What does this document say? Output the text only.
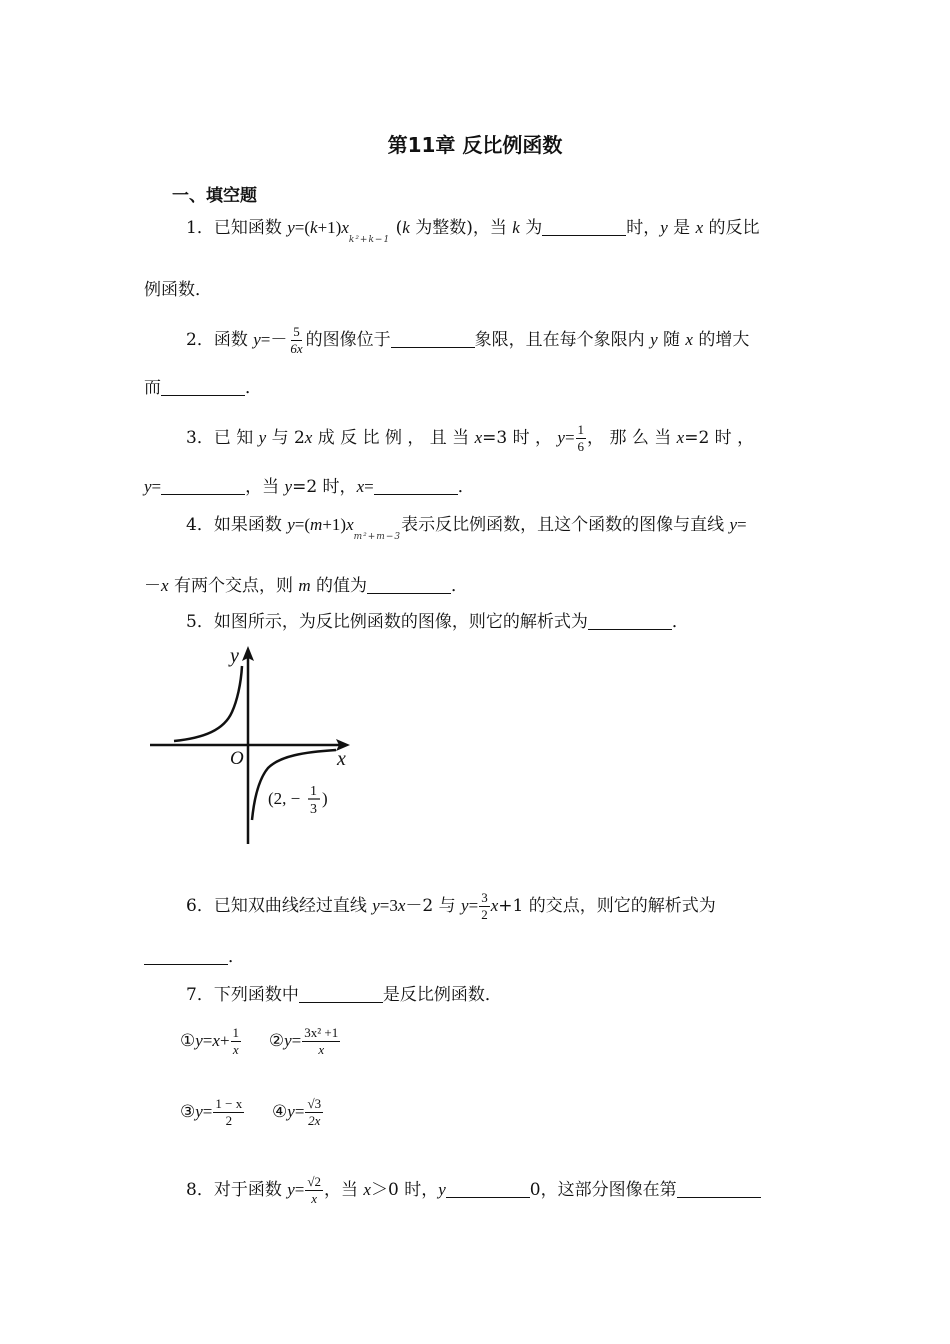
第11章 反比例函数
一、填空题
1．已知函数 $y=(k+1)x_{k^2+k-1}$ (k 为整数)，当 k 为	时，y 是 x 的反比
例函数．
2．函数 $y=- \frac{5}{6x}$ 的图像位于	象限，且在每个象限内 y 随 x 的增大
而	．
3．已 知 y 与 2x 成 反 比 例 ， 且 当 x=3 时 ， $y= \frac{1}{6}$ ， 那 么 当 x=2 时 ，
y=	，当 y=2 时，x=	．
4．如果函数 $y=(m+1)x_{m^2+m-3}$表示反比例函数，且这个函数的图像与直线 y=
－x 有两个交点，则 m 的值为	．
5．如图所示，为反比例函数的图像，则它的解析式为	．
y
x
O
(2, − 1
3
)
6．已知双曲线经过直线 y=3x－2 与 $y= \frac{3}{2} x+1$ 的交点，则它的解析式为
．
7．下列函数中	是反比例函数．
①y=x+ $\frac{1}{x}$ ②y= $\frac{\text{3x² +1}}{x}$
③y= $\frac{1 - x}{2}$ ④y= $\frac{√3}{2x}$
8．对于函数 $y= \frac{√2}{x}$ ，当 x＞0 时，y	0，这部分图像在第
